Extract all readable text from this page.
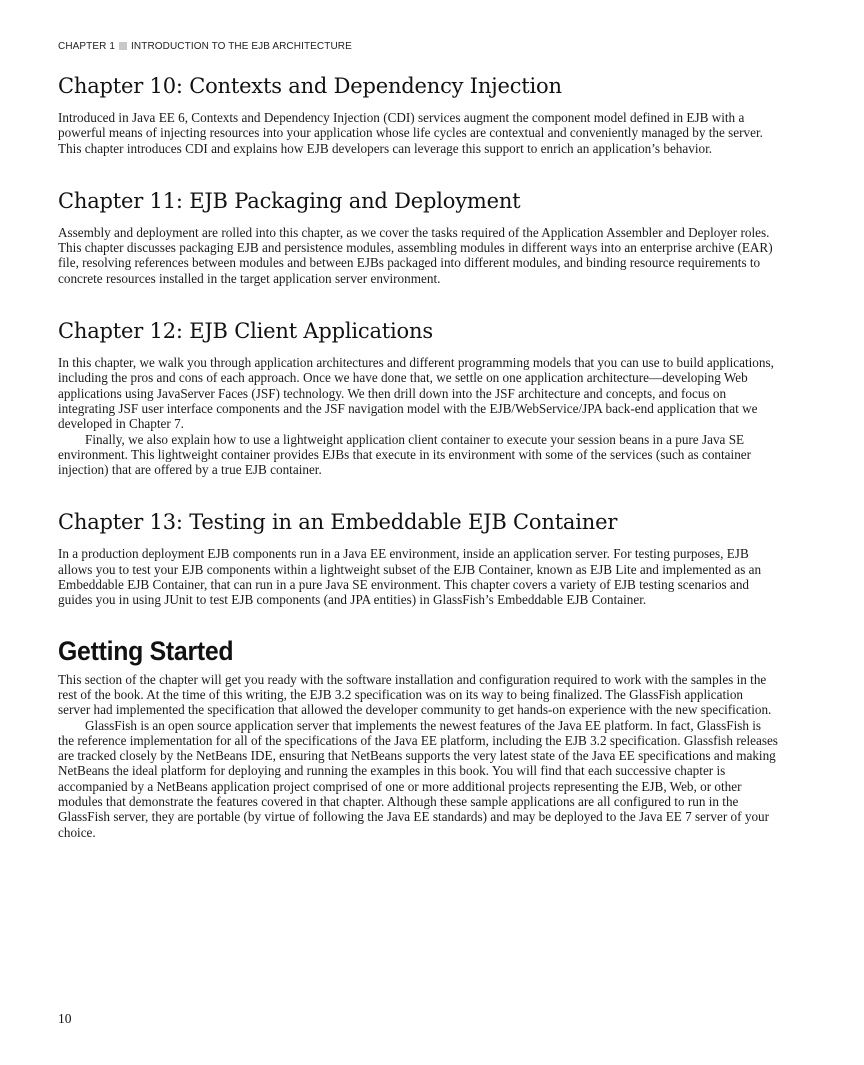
CHAPTER 1 INTRODUCTION TO THE EJB ARCHITECTURE
Chapter 10: Contexts and Dependency Injection

Introduced in Java EE 6, Contexts and Dependency Injection (CDI) services augment the component model defined in EJB with a powerful means of injecting resources into your application whose life cycles are contextual and conveniently managed by the server. This chapter introduces CDI and explains how EJB developers can leverage this support to enrich an application’s behavior.

Chapter 11: EJB Packaging and Deployment

Assembly and deployment are rolled into this chapter, as we cover the tasks required of the Application Assembler and Deployer roles. This chapter discusses packaging EJB and persistence modules, assembling modules in different ways into an enterprise archive (EAR) file, resolving references between modules and between EJBs packaged into different modules, and binding resource requirements to concrete resources installed in the target application server environment.

Chapter 12: EJB Client Applications

In this chapter, we walk you through application architectures and different programming models that you can use to build applications, including the pros and cons of each approach. Once we have done that, we settle on one application architecture—developing Web applications using JavaServer Faces (JSF) technology. We then drill down into the JSF architecture and concepts, and focus on integrating JSF user interface components and the JSF navigation model with the EJB/WebService/JPA back-end application that we developed in Chapter 7.

Finally, we also explain how to use a lightweight application client container to execute your session beans in a pure Java SE environment. This lightweight container provides EJBs that execute in its environment with some of the services (such as container injection) that are offered by a true EJB container.

Chapter 13: Testing in an Embeddable EJB Container

In a production deployment EJB components run in a Java EE environment, inside an application server. For testing purposes, EJB allows you to test your EJB components within a lightweight subset of the EJB Container, known as EJB Lite and implemented as an Embeddable EJB Container, that can run in a pure Java SE environment. This chapter covers a variety of EJB testing scenarios and guides you in using JUnit to test EJB components (and JPA entities) in GlassFish’s Embeddable EJB Container.

Getting Started

This section of the chapter will get you ready with the software installation and configuration required to work with the samples in the rest of the book. At the time of this writing, the EJB 3.2 specification was on its way to being finalized. The GlassFish application server had implemented the specification that allowed the developer community to get hands-on experience with the new specification.

GlassFish is an open source application server that implements the newest features of the Java EE platform. In fact, GlassFish is the reference implementation for all of the specifications of the Java EE platform, including the EJB 3.2 specification. Glassfish releases are tracked closely by the NetBeans IDE, ensuring that NetBeans supports the very latest state of the Java EE specifications and making NetBeans the ideal platform for deploying and running the examples in this book. You will find that each successive chapter is accompanied by a NetBeans application project comprised of one or more additional projects representing the EJB, Web, or other modules that demonstrate the features covered in that chapter. Although these sample applications are all configured to run in the GlassFish server, they are portable (by virtue of following the Java EE standards) and may be deployed to the Java EE 7 server of your choice.

10
